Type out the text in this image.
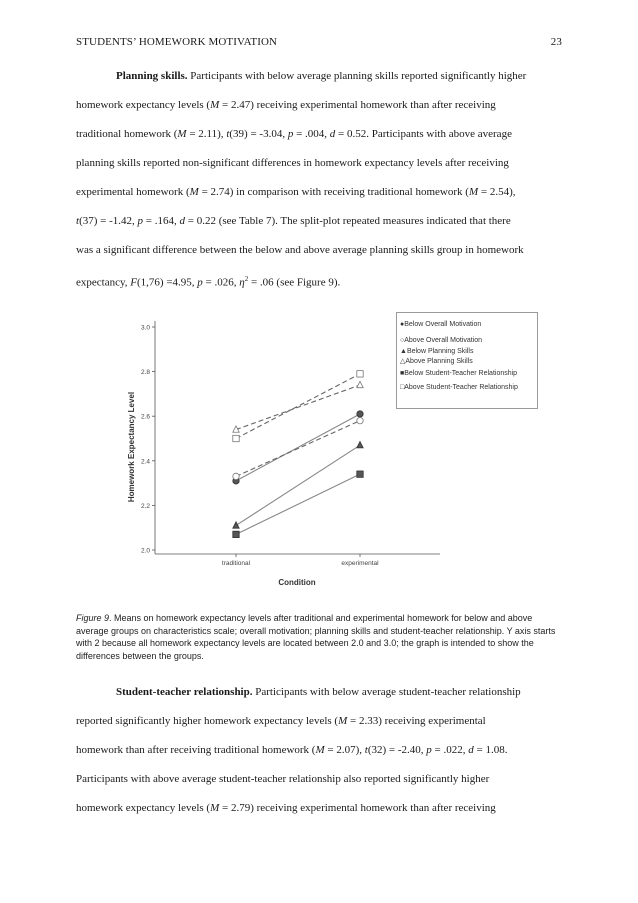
STUDENTS’ HOMEWORK MOTIVATION	23
Planning skills. Participants with below average planning skills reported significantly higher
homework expectancy levels (M = 2.47) receiving experimental homework than after receiving
traditional homework (M = 2.11), t(39) = -3.04, p = .004, d = 0.52. Participants with above average
planning skills reported non-significant differences in homework expectancy levels after receiving
experimental homework (M = 2.74) in comparison with receiving traditional homework (M = 2.54),
t(37) = -1.42, p = .164, d = 0.22 (see Table 7). The split-plot repeated measures indicated that there
was a significant difference between the below and above average planning skills group in homework
expectancy, F(1,76) =4.95, p = .026, $\eta^2 = .06$ (see Figure 9).
2.0
2.2
2.4
2.6
2.8
3.0
traditional	experimental
Condition
Homework Expectancy Level
●Below Overall Motivation
○Above Overall Motivation
▲Below Planning Skills
△Above Planning Skills
■Below Student-Teacher Relationship
□Above Student-Teacher Relationship
Figure 9. Means on homework expectancy levels after traditional and experimental homework for below and above average groups on characteristics scale; overall motivation; planning skills and student-teacher relationship. Y axis starts with 2 because all homework expectancy levels are located between 2.0 and 3.0; the graph is intended to show the differences between the groups.
Student-teacher relationship. Participants with below average student-teacher relationship
reported significantly higher homework expectancy levels (M = 2.33) receiving experimental
homework than after receiving traditional homework (M = 2.07), t(32) = -2.40, p = .022, d = 1.08.
Participants with above average student-teacher relationship also reported significantly higher
homework expectancy levels (M = 2.79) receiving experimental homework than after receiving
